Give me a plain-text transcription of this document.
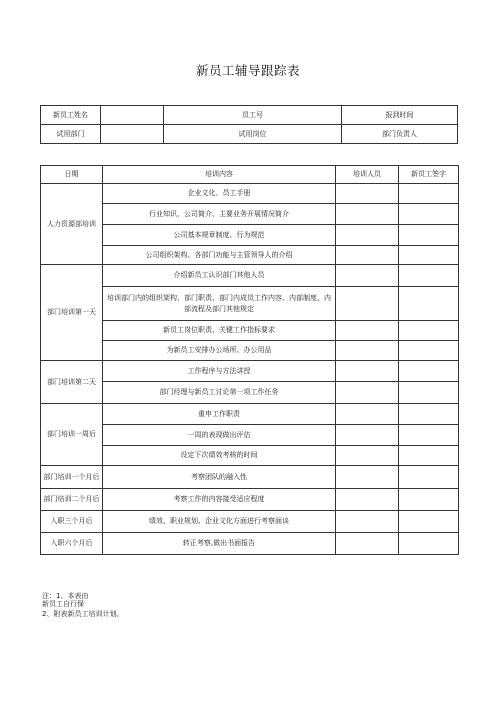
新员工辅导跟踪表
新员工姓名		员工号	报到时间
试用部门		试用岗位	部门负责人
日期	培训内容	培训人员	新员工签字
人力资源部培训	企业文化、员工手册		
	行业知识、公司简介、主要业务开展情况简介		
	公司基本规章制度、行为规范		
	公司组织架构、各部门功能与主管领导人的介绍		
部门培训第一天	介绍新员工认识部门其他人员		
	培训部门内的组织架构、部门职责、部门内成员工作内容、内部制度、内部流程及部门其他规定		
	新员工岗位职责、关键工作指标要求		
	为新员工安排办公场所、办公用品		
部门培训第二天	工作程序与方法讲授		
	部门经理与新员工讨论第一项工作任务		
部门培训一周后	重申工作职责		
	一周的表现做出评估		
	设定下次绩效考核的时间		
部门培训一个月后	考察团队的融入性		
部门培训二个月后	考察工作的内容接受适应程度		
入职三个月后	绩效、职业规划、企业文化方面进行考察面谈		
入职六个月后	转正考察,做出书面报告		
注：1、本表由
新员工自行保
2、附表新员工培训计划。
